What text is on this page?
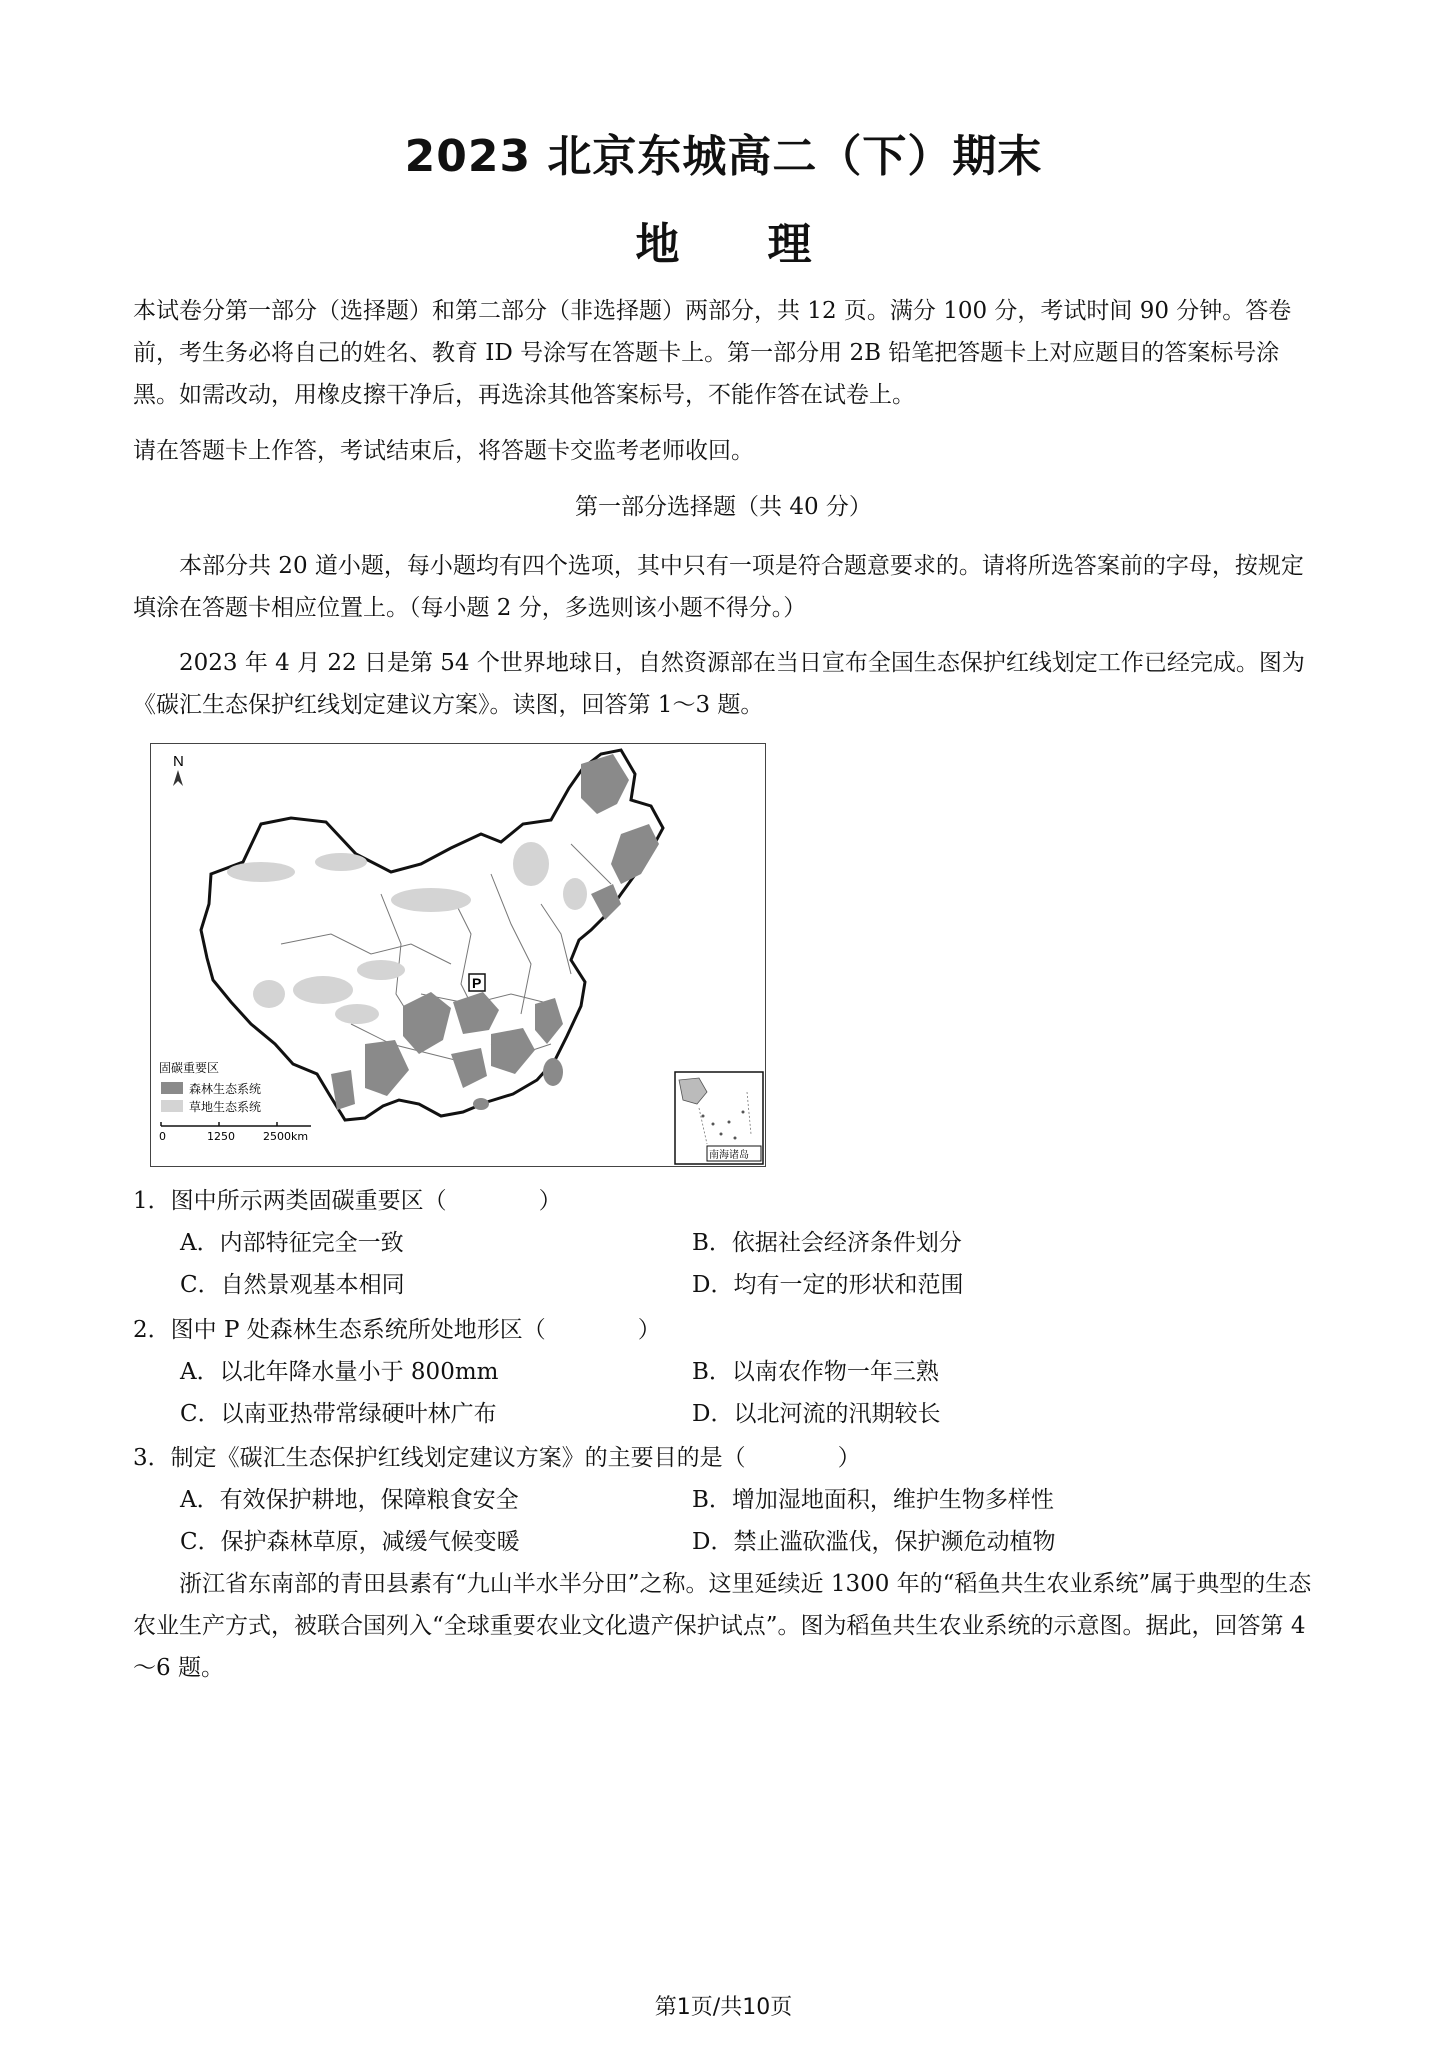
2023 北京东城高二（下）期末
地理
本试卷分第一部分（选择题）和第二部分（非选择题）两部分，共 12 页。满分 100 分，考试时间 90 分钟。答卷前，考生务必将自己的姓名、教育 ID 号涂写在答题卡上。第一部分用 2B 铅笔把答题卡上对应题目的答案标号涂黑。如需改动，用橡皮擦干净后，再选涂其他答案标号，不能作答在试卷上。
请在答题卡上作答，考试结束后，将答题卡交监考老师收回。
第一部分选择题（共 40 分）
本部分共 20 道小题，每小题均有四个选项，其中只有一项是符合题意要求的。请将所选答案前的字母，按规定填涂在答题卡相应位置上。（每小题 2 分，多选则该小题不得分。）
2023 年 4 月 22 日是第 54 个世界地球日，自然资源部在当日宣布全国生态保护红线划定工作已经完成。图为《碳汇生态保护红线划定建议方案》。读图，回答第 1～3 题。
N
P
固碳重要区
森林生态系统
草地生态系统
0	1250	2500km
南海诸岛
1．图中所示两类固碳重要区（　　　　）
A．内部特征完全一致	B．依据社会经济条件划分
C．自然景观基本相同	D．均有一定的形状和范围
2．图中 P 处森林生态系统所处地形区（　　　　）
A．以北年降水量小于 800mm	B．以南农作物一年三熟
C．以南亚热带常绿硬叶林广布	D．以北河流的汛期较长
3．制定《碳汇生态保护红线划定建议方案》的主要目的是（　　　　）
A．有效保护耕地，保障粮食安全	B．增加湿地面积，维护生物多样性
C．保护森林草原，减缓气候变暖	D．禁止滥砍滥伐，保护濒危动植物
浙江省东南部的青田县素有“九山半水半分田”之称。这里延续近 1300 年的“稻鱼共生农业系统”属于典型的生态农业生产方式，被联合国列入“全球重要农业文化遗产保护试点”。图为稻鱼共生农业系统的示意图。据此，回答第 4～6 题。
第1页/共10页
